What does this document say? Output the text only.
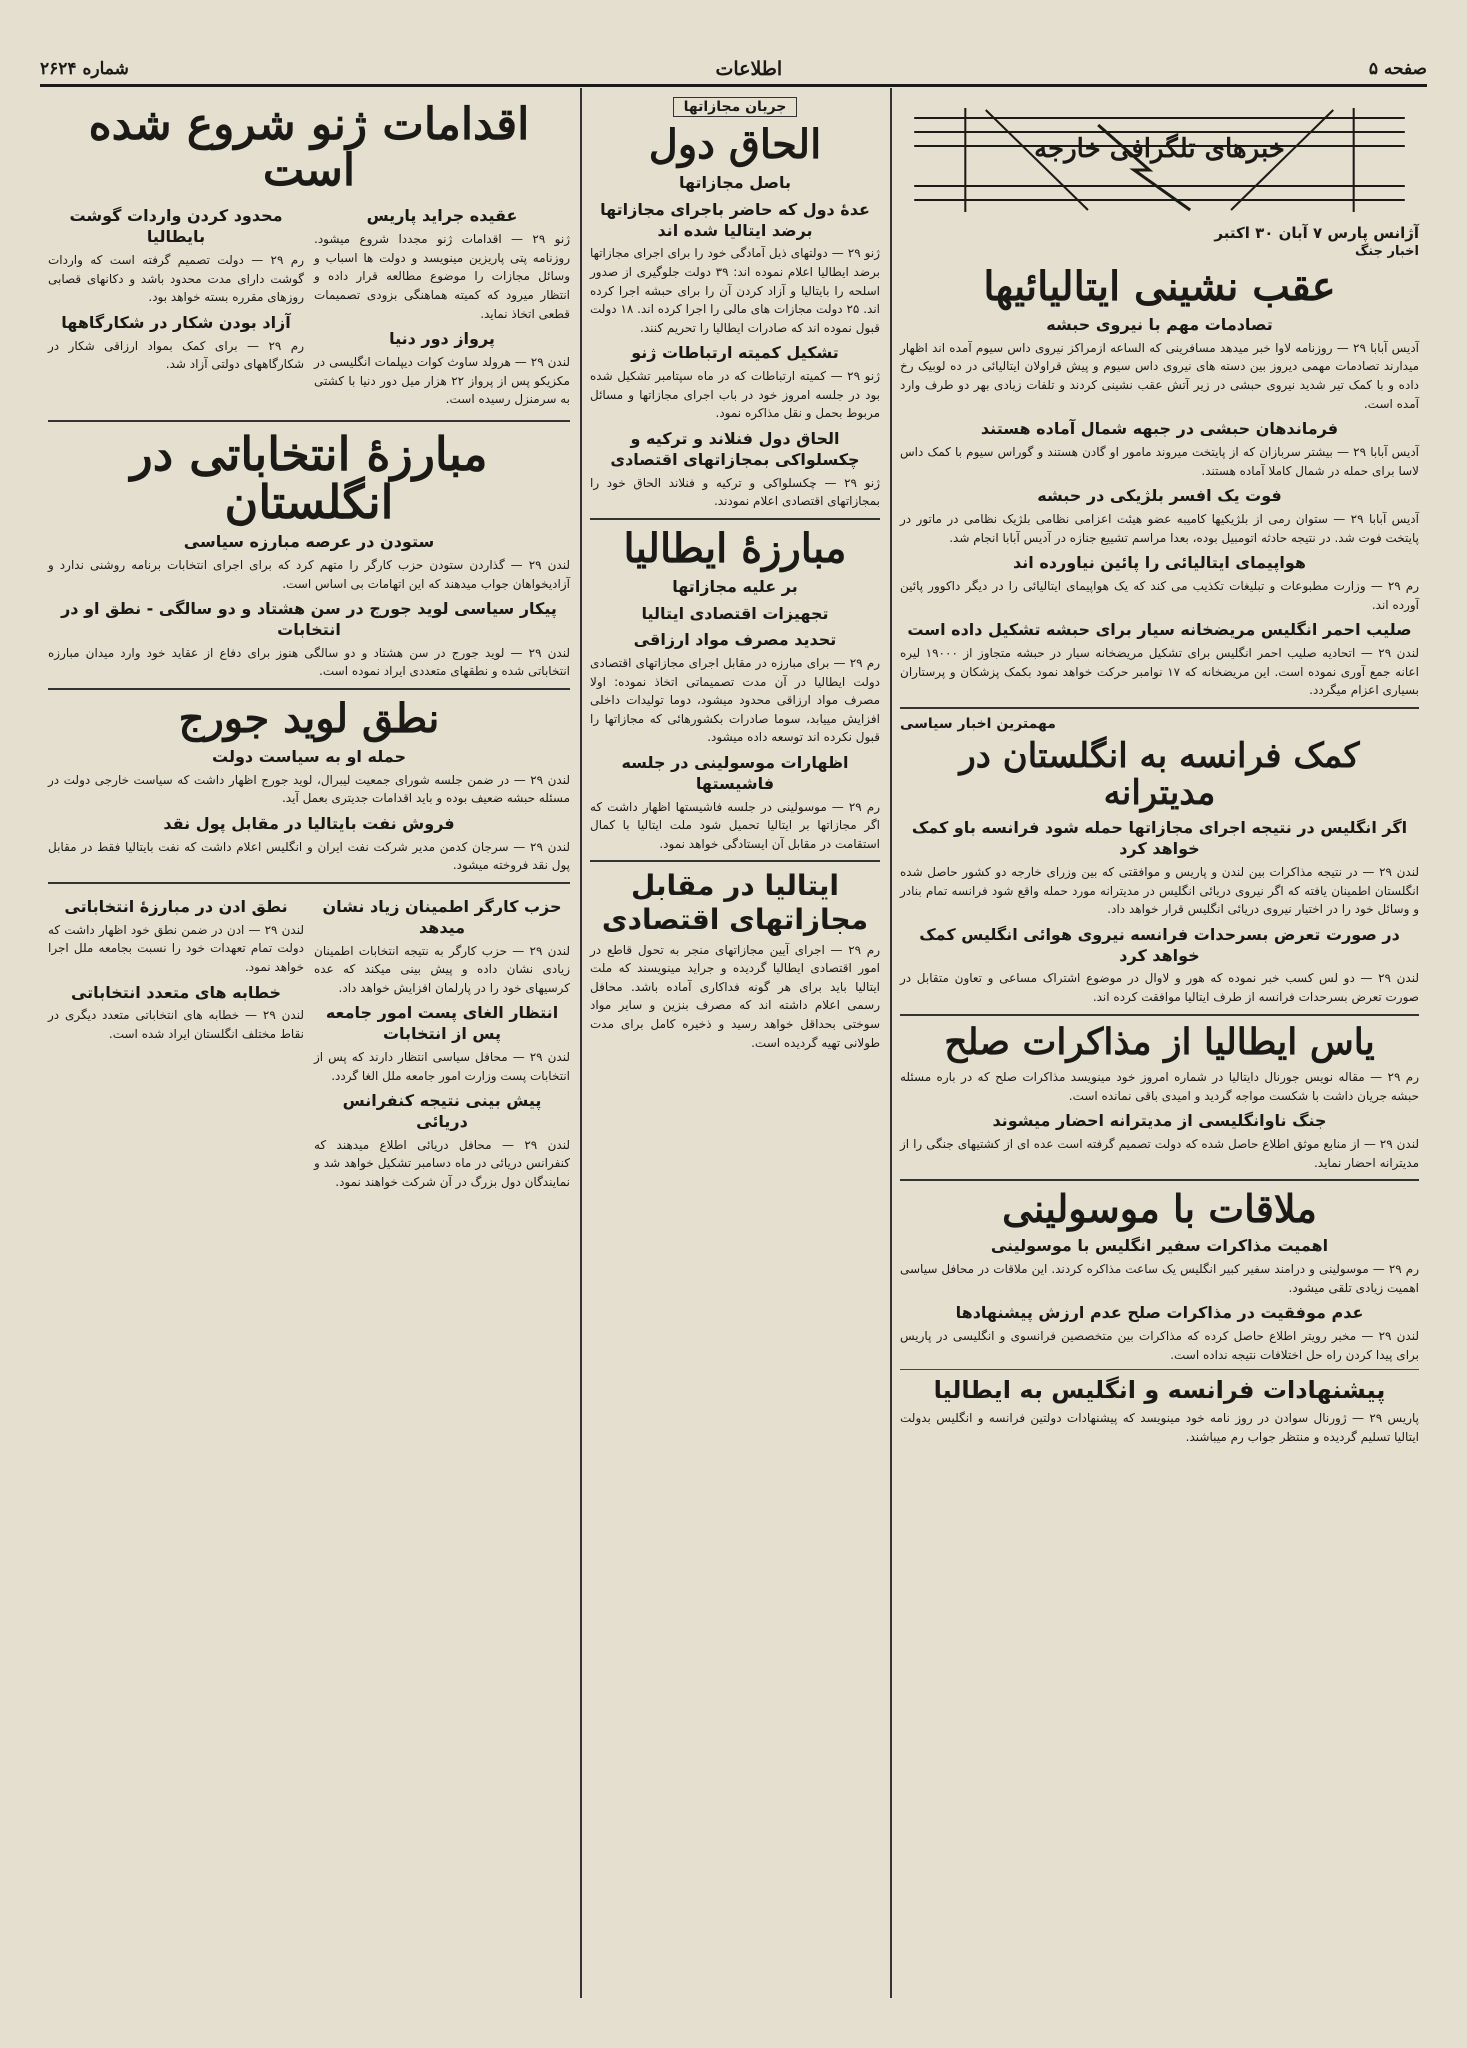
صفحه ۵
اطلاعات
شماره ۲۶۲۴
خبرهای تلگرافی خارجه
آژانس پارس ۷ آبان ۳۰ اکتبر
اخبار جنگ
عقب نشینی ایتالیائیها
تصادمات مهم با نیروی حبشه

آدیس آبابا ۲۹ — روزنامه لاوا خبر میدهد مسافرینی که الساعه ازمراکز نیروی داس سیوم آمده اند اظهار میدارند تصادمات مهمی دیروز بین دسته های نیروی داس سیوم و پیش قراولان ایتالیائی در ده لوبیک رخ داده و با کمک تیر شدید نیروی حبشی در زیر آتش عقب نشینی کردند و تلفات زیادی بهر دو طرف وارد آمده است.

فرماندهان حبشی در جبهه شمال آماده هستند

آدیس آبابا ۲۹ — بیشتر سربازان که از پایتخت میروند مامور او گادن هستند و گوراس سیوم با کمک داس لاسا برای حمله در شمال کاملا آماده هستند.

فوت یک افسر بلژیکی در حبشه

آدیس آبابا ۲۹ — ستوان رمی از بلژیکیها کامیبه عضو هیئت اعزامی نظامی بلژیک نظامی در ماتور در پایتخت فوت شد. در نتیجه حادثه اتومبیل بوده، بعدا مراسم تشییع جنازه در آدیس آبابا انجام شد.

هواپیمای ایتالیائی را پائین نیاورده اند

رم ۲۹ — وزارت مطبوعات و تبلیغات تکذیب می کند که یک هواپیمای ایتالیائی را در دیگر داکوور پائین آورده اند.

صلیب احمر انگلیس مریضخانه سیار برای حبشه تشکیل داده است

لندن ۲۹ — اتحادیه صلیب احمر انگلیس برای تشکیل مریضخانه سیار در حبشه متجاوز از ۱۹۰۰۰ لیره اعانه جمع آوری نموده است. این مریضخانه که ۱۷ نوامبر حرکت خواهد نمود بکمک پزشکان و پرستاران بسیاری اعزام میگردد.

مهمترین اخبار سیاسی
کمک فرانسه به انگلستان در مدیترانه
اگر انگلیس در نتیجه اجرای مجازاتها حمله شود فرانسه باو کمک خواهد کرد

لندن ۲۹ — در نتیجه مذاکرات بین لندن و پاریس و موافقتی که بین وزرای خارجه دو کشور حاصل شده انگلستان اطمینان یافته که اگر نیروی دریائی انگلیس در مدیترانه مورد حمله واقع شود فرانسه تمام بنادر و وسائل خود را در اختیار نیروی دریائی انگلیس قرار خواهد داد.

در صورت تعرض بسرحدات فرانسه نیروی هوائی انگلیس کمک خواهد کرد

لندن ۲۹ — دو لس کسب خبر نموده که هور و لاوال در موضوع اشتراک مساعی و تعاون متقابل در صورت تعرض بسرحدات فرانسه از طرف ایتالیا موافقت کرده اند.

یاس ایطالیا از مذاکرات صلح

رم ۲۹ — مقاله نویس جورنال دایتالیا در شماره امروز خود مینویسد مذاکرات صلح که در باره مسئله حبشه جریان داشت با شکست مواجه گردید و امیدی باقی نمانده است.

جنگ ناوانگلیسی از مدیترانه احضار میشوند

لندن ۲۹ — از منابع موثق اطلاع حاصل شده که دولت تصمیم گرفته است عده ای از کشتیهای جنگی را از مدیترانه احضار نماید.

ملاقات با موسولینی
اهمیت مذاکرات سفیر انگلیس با موسولینی

رم ۲۹ — موسولینی و درامند سفیر کبیر انگلیس یک ساعت مذاکره کردند. این ملاقات در محافل سیاسی اهمیت زیادی تلقی میشود.

عدم موفقیت در مذاکرات صلح عدم ارزش پیشنهادها

لندن ۲۹ — مخبر رویتر اطلاع حاصل کرده که مذاکرات بین متخصصین فرانسوی و انگلیسی در پاریس برای پیدا کردن راه حل اختلافات نتیجه نداده است.

پیشنهادات فرانسه و انگلیس به ایطالیا

پاریس ۲۹ — ژورنال سوادن در روز نامه خود مینویسد که پیشنهادات دولتین فرانسه و انگلیس بدولت ایتالیا تسلیم گردیده و منتظر جواب رم میباشند.

جریان مجازاتها
الحاق دول
باصل مجازاتها
عدهٔ دول که حاضر باجرای مجازاتها برضد ایتالیا شده اند

ژنو ۲۹ — دولتهای ذیل آمادگی خود را برای اجرای مجازاتها برضد ایطالیا اعلام نموده اند: ۳۹ دولت جلوگیری از صدور اسلحه را بایتالیا و آزاد کردن آن را برای حبشه اجرا کرده اند. ۲۵ دولت مجازات های مالی را اجرا کرده اند. ۱۸ دولت قبول نموده اند که صادرات ایطالیا را تحریم کنند.

تشکیل کمیته ارتباطات ژنو

ژنو ۲۹ — کمیته ارتباطات که در ماه سپتامبر تشکیل شده بود در جلسه امروز خود در باب اجرای مجازاتها و مسائل مربوط بحمل و نقل مذاکره نمود.

الحاق دول فنلاند و ترکیه و چکسلواکی بمجازاتهای اقتصادی

ژنو ۲۹ — چکسلواکی و ترکیه و فنلاند الحاق خود را بمجازاتهای اقتصادی اعلام نمودند.

مبارزهٔ ایطالیا
بر علیه مجازاتها
تجهیزات اقتصادی ایتالیا
تحدید مصرف مواد ارزاقی

رم ۲۹ — برای مبارزه در مقابل اجرای مجازاتهای اقتصادی دولت ایطالیا در آن مدت تصمیماتی اتخاذ نموده: اولا مصرف مواد ارزاقی محدود میشود، دوما تولیدات داخلی افزایش مییابد، سوما صادرات بکشورهائی که مجازاتها را قبول نکرده اند توسعه داده میشود.

اظهارات موسولینی در جلسه فاشیستها

رم ۲۹ — موسولینی در جلسه فاشیستها اظهار داشت که اگر مجازاتها بر ایتالیا تحمیل شود ملت ایتالیا با کمال استقامت در مقابل آن ایستادگی خواهد نمود.

ایتالیا در مقابل مجازاتهای اقتصادی

رم ۲۹ — اجرای آیین مجازاتهای منجر به تحول قاطع در امور اقتصادی ایطالیا گردیده و جراید مینویسند که ملت ایتالیا باید برای هر گونه فداکاری آماده باشد. محافل رسمی اعلام داشته اند که مصرف بنزین و سایر مواد سوختی بحداقل خواهد رسید و ذخیره کامل برای مدت طولانی تهیه گردیده است.

اقدامات ژنو شروع شده است
عقیده جراید پاریس

ژنو ۲۹ — اقدامات ژنو مجددا شروع میشود. روزنامه پتی پاریزین مینویسد و دولت ها اسباب و وسائل مجازات را موضوع مطالعه قرار داده و انتظار میرود که کمیته هماهنگی بزودی تصمیمات قطعی اتخاذ نماید.

پرواز دور دنیا

لندن ۲۹ — هرولد ساوث کوات دیپلمات انگلیسی در مکزیکو پس از پرواز ۲۲ هزار میل دور دنیا با کشتی به سرمنزل رسیده است.

محدود کردن واردات گوشت بایطالیا

رم ۲۹ — دولت تصمیم گرفته است که واردات گوشت دارای مدت محدود باشد و دکانهای قصابی روزهای مقرره بسته خواهد بود.

آزاد بودن شکار در شکارگاهها

رم ۲۹ — برای کمک بمواد ارزاقی شکار در شکارگاههای دولتی آزاد شد.

مبارزهٔ انتخاباتی در انگلستان
ستودن در عرصه مبارزه سیاسی

لندن ۲۹ — گذاردن ستودن حزب کارگر را متهم کرد که برای اجرای انتخابات برنامه روشنی ندارد و آزادیخواهان جواب میدهند که این اتهامات بی اساس است.

پیکار سیاسی لوید جورج در سن هشتاد و دو سالگی - نطق او در انتخابات

لندن ۲۹ — لوید جورج در سن هشتاد و دو سالگی هنوز برای دفاع از عقاید خود وارد میدان مبارزه انتخاباتی شده و نطقهای متعددی ایراد نموده است.

نطق لوید جورج
حمله او به سیاست دولت

لندن ۲۹ — در ضمن جلسه شورای جمعیت لیبرال، لوید جورج اظهار داشت که سیاست خارجی دولت در مسئله حبشه ضعیف بوده و باید اقدامات جدیتری بعمل آید.

فروش نفت بایتالیا در مقابل پول نقد

لندن ۲۹ — سرجان کدمن مدیر شرکت نفت ایران و انگلیس اعلام داشت که نفت بایتالیا فقط در مقابل پول نقد فروخته میشود.

حزب کارگر اطمینان زیاد نشان میدهد

لندن ۲۹ — حزب کارگر به نتیجه انتخابات اطمینان زیادی نشان داده و پیش بینی میکند که عده کرسیهای خود را در پارلمان افزایش خواهد داد.

انتظار الغای پست امور جامعه پس از انتخابات

لندن ۲۹ — محافل سیاسی انتظار دارند که پس از انتخابات پست وزارت امور جامعه ملل الغا گردد.

پیش بینی نتیجه کنفرانس دریائی

لندن ۲۹ — محافل دریائی اطلاع میدهند که کنفرانس دریائی در ماه دسامبر تشکیل خواهد شد و نمایندگان دول بزرگ در آن شرکت خواهند نمود.

نطق ادن در مبارزهٔ انتخاباتی

لندن ۲۹ — ادن در ضمن نطق خود اظهار داشت که دولت تمام تعهدات خود را نسبت بجامعه ملل اجرا خواهد نمود.

خطابه های متعدد انتخاباتی

لندن ۲۹ — خطابه های انتخاباتی متعدد دیگری در نقاط مختلف انگلستان ایراد شده است.
